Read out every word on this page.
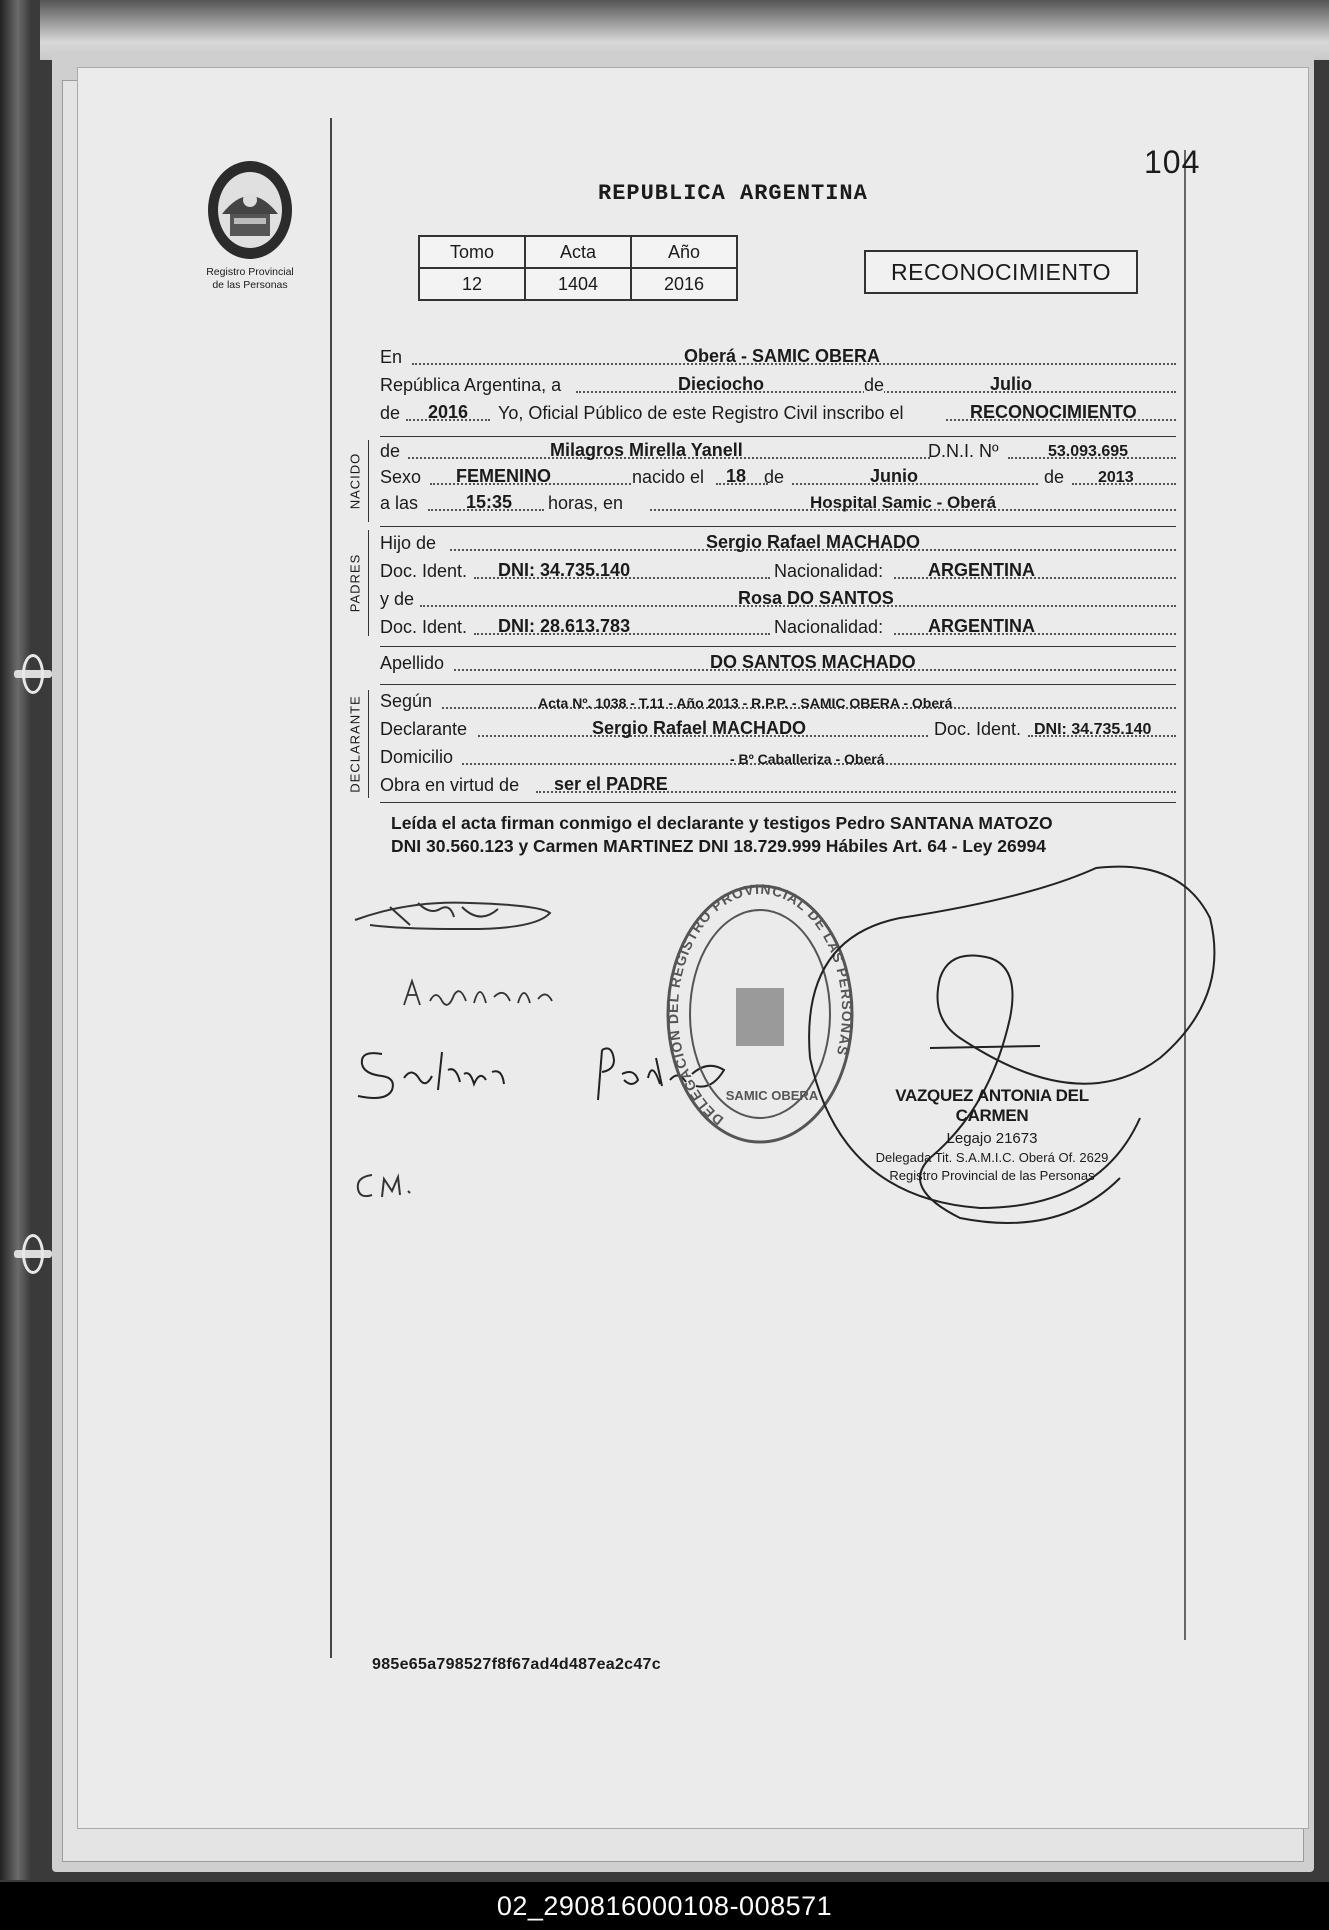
104
Registro Provincial
de las Personas
REPUBLICA ARGENTINA
Tomo	Acta	Año
12	1404	2016	RECONOCIMIENTO
En	Oberá - SAMIC OBERA
República Argentina, a	Dieciocho	de	Julio
de 2016 Yo, Oficial Público de este Registro Civil inscribo el	RECONOCIMIENTO
NACIDO
de	Milagros Mirella Yanell	D.N.I. Nº	53.093.695
Sexo FEMENINO	nacido el 18 de	Junio	de 2013
a las	15:35 horas, en	Hospital Samic - Oberá
PADRES
Hijo de	Sergio Rafael MACHADO
Doc. Ident. DNI: 34.735.140	Nacionalidad: ARGENTINA
y de	Rosa DO SANTOS
Doc. Ident. DNI: 28.613.783	Nacionalidad: ARGENTINA
Apellido	DO SANTOS MACHADO
DECLARANTE Según	Acta Nº. 1038 - T.11 - Año 2013 - R.P.P. - SAMIC OBERA - Oberá
Declarante	Sergio Rafael MACHADO	Doc. Ident. DNI: 34.735.140
Domicilio	- Bº Caballeriza - Oberá
Obra en virtud de ser el PADRE
Leída el acta firman conmigo el declarante y testigos Pedro SANTANA MATOZO
DNI 30.560.123 y Carmen MARTINEZ DNI 18.729.999 Hábiles Art. 64 - Ley 26994
DELEGACION DEL REGISTRO PROVINCIAL DE LAS PERSONAS
SAMIC OBERA	VAZQUEZ ANTONIA DEL CARMEN
Legajo 21673
Delegada Tit. S.A.M.I.C. Oberá Of. 2629
Registro Provincial de las Personas
985e65a798527f8f67ad4d487ea2c47c
02_290816000108-008571
